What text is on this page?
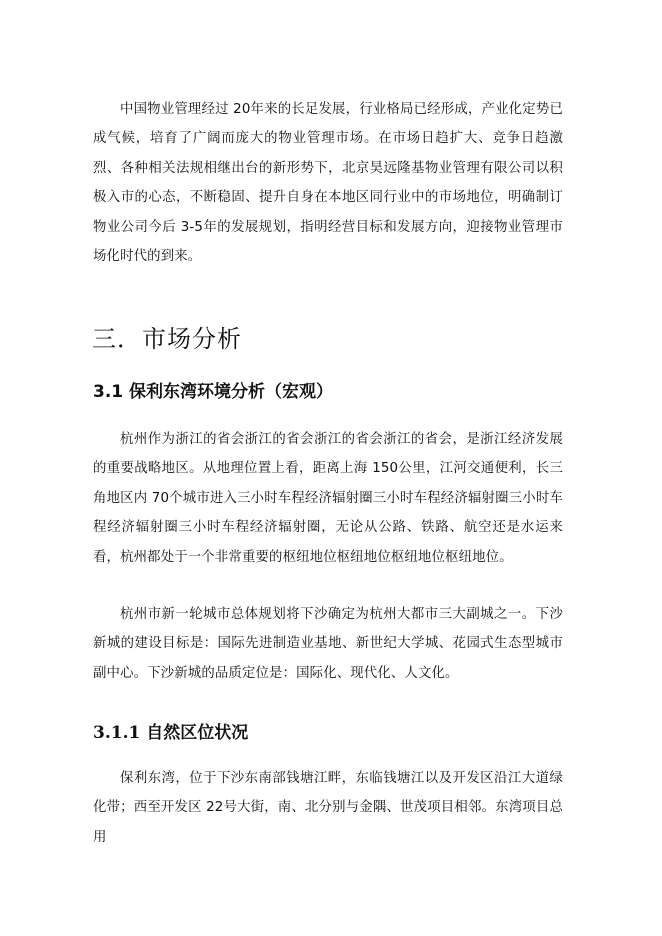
中国物业管理经过 20年来的长足发展，行业格局已经形成，产业化定势已成气候，培育了广阔而庞大的物业管理市场。在市场日趋扩大、竞争日趋激烈、各种相关法规相继出台的新形势下，北京昊远隆基物业管理有限公司以积极入市的心态，不断稳固、提升自身在本地区同行业中的市场地位，明确制订物业公司今后 3-5年的发展规划，指明经营目标和发展方向，迎接物业管理市场化时代的到来。

三．市场分析
3.1 保利东湾环境分析（宏观）

杭州作为浙江的省会浙江的省会浙江的省会浙江的省会，是浙江经济发展的重要战略地区。从地理位置上看，距离上海 150公里，江河交通便利，长三角地区内 70个城市进入三小时车程经济辐射圈三小时车程经济辐射圈三小时车程经济辐射圈三小时车程经济辐射圈，无论从公路、铁路、航空还是水运来看，杭州都处于一个非常重要的枢纽地位枢纽地位枢纽地位枢纽地位。

杭州市新一轮城市总体规划将下沙确定为杭州大都市三大副城之一。下沙新城的建设目标是：国际先进制造业基地、新世纪大学城、花园式生态型城市副中心。下沙新城的品质定位是：国际化、现代化、人文化。

3.1.1 自然区位状况

保利东湾，位于下沙东南部钱塘江畔，东临钱塘江以及开发区沿江大道绿化带；西至开发区 22号大街，南、北分别与金隅、世茂项目相邻。东湾项目总用
